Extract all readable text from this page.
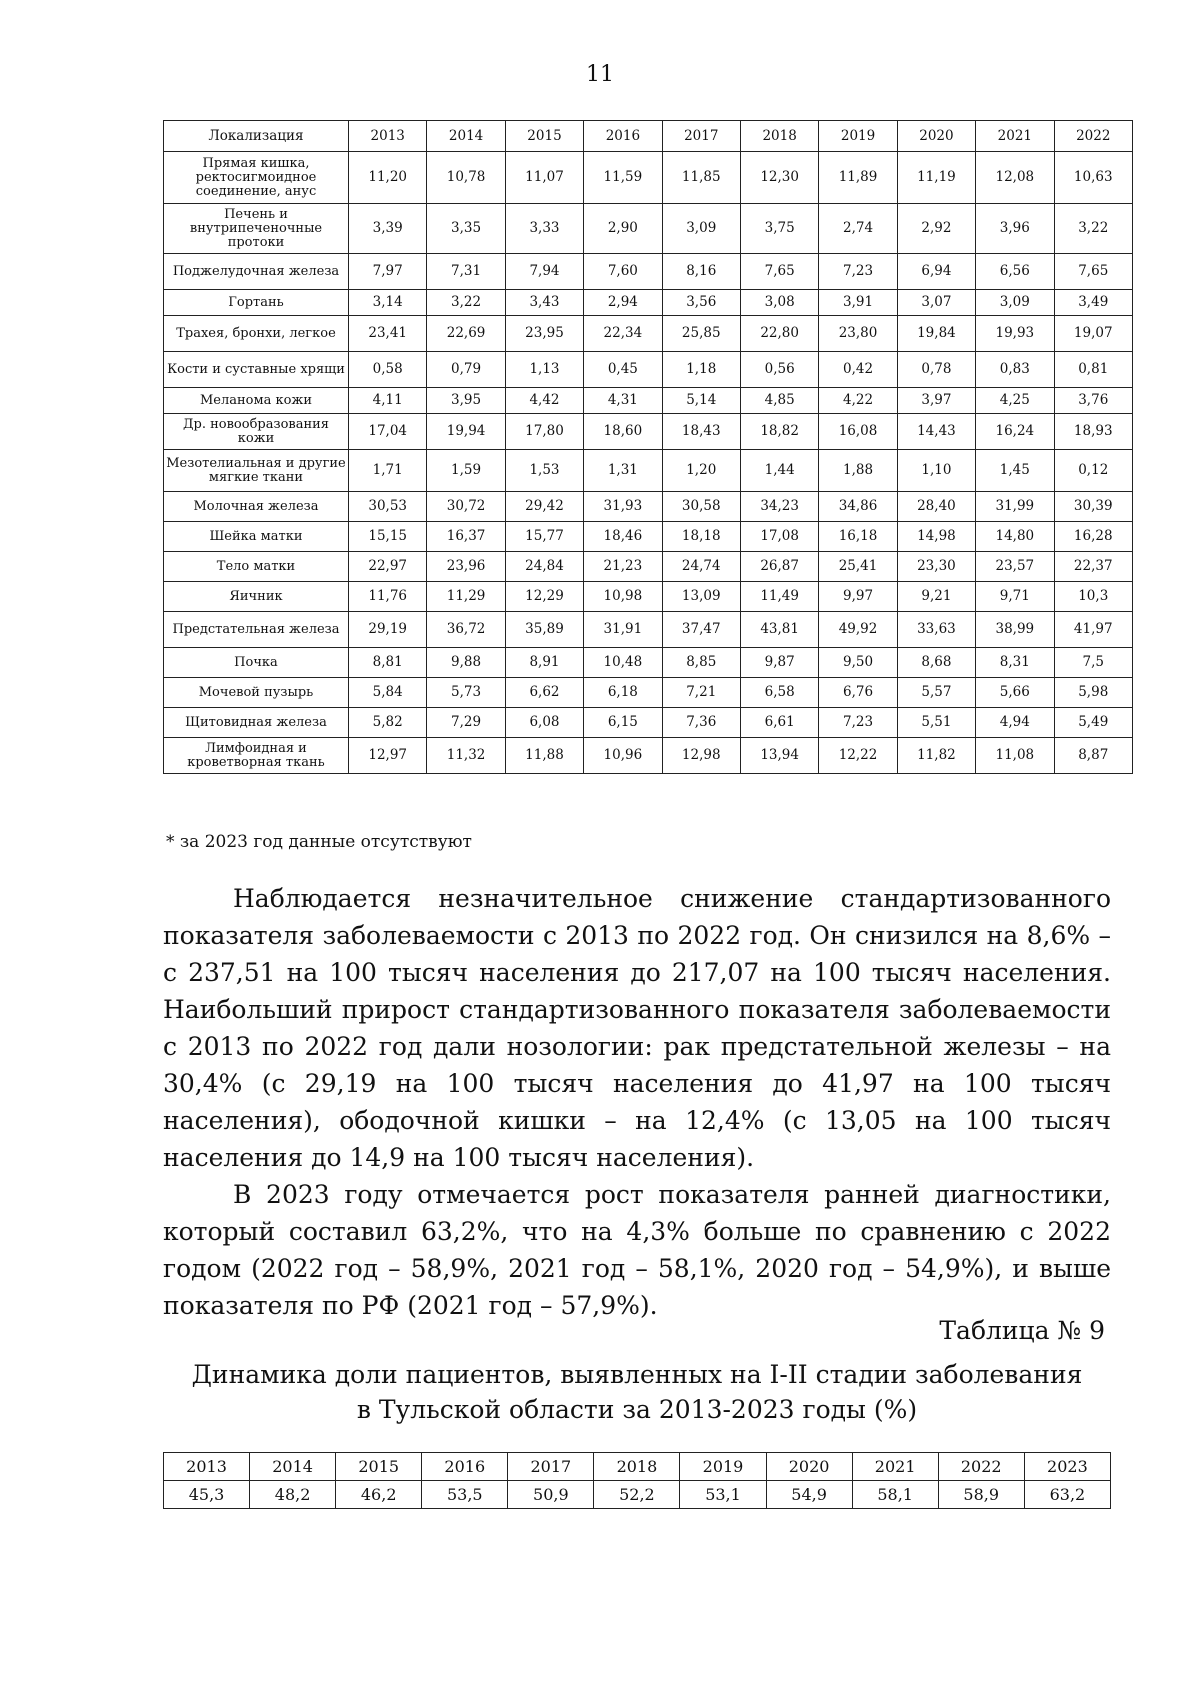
11
Локализация	2013	2014	2015	2016	2017	2018	2019	2020	2021	2022
Прямая кишка, ректосигмоидное соединение, анус	11,20	10,78	11,07	11,59	11,85	12,30	11,89	11,19	12,08	10,63
Печень и внутрипеченочные протоки	3,39	3,35	3,33	2,90	3,09	3,75	2,74	2,92	3,96	3,22
Поджелудочная железа	7,97	7,31	7,94	7,60	8,16	7,65	7,23	6,94	6,56	7,65
Гортань	3,14	3,22	3,43	2,94	3,56	3,08	3,91	3,07	3,09	3,49
Трахея, бронхи, легкое	23,41	22,69	23,95	22,34	25,85	22,80	23,80	19,84	19,93	19,07
Кости и суставные хрящи	0,58	0,79	1,13	0,45	1,18	0,56	0,42	0,78	0,83	0,81
Меланома кожи	4,11	3,95	4,42	4,31	5,14	4,85	4,22	3,97	4,25	3,76
Др. новообразования кожи	17,04	19,94	17,80	18,60	18,43	18,82	16,08	14,43	16,24	18,93
Мезотелиальная и другие мягкие ткани	1,71	1,59	1,53	1,31	1,20	1,44	1,88	1,10	1,45	0,12
Молочная железа	30,53	30,72	29,42	31,93	30,58	34,23	34,86	28,40	31,99	30,39
Шейка матки	15,15	16,37	15,77	18,46	18,18	17,08	16,18	14,98	14,80	16,28
Тело матки	22,97	23,96	24,84	21,23	24,74	26,87	25,41	23,30	23,57	22,37
Яичник	11,76	11,29	12,29	10,98	13,09	11,49	9,97	9,21	9,71	10,3
Предстательная железа	29,19	36,72	35,89	31,91	37,47	43,81	49,92	33,63	38,99	41,97
Почка	8,81	9,88	8,91	10,48	8,85	9,87	9,50	8,68	8,31	7,5
Мочевой пузырь	5,84	5,73	6,62	6,18	7,21	6,58	6,76	5,57	5,66	5,98
Щитовидная железа	5,82	7,29	6,08	6,15	7,36	6,61	7,23	5,51	4,94	5,49
Лимфоидная и кроветворная ткань	12,97	11,32	11,88	10,96	12,98	13,94	12,22	11,82	11,08	8,87
* за 2023 год данные отсутствуют

Наблюдается незначительное снижение стандартизованного показателя заболеваемости с 2013 по 2022 год. Он снизился на 8,6% – с 237,51 на 100 тысяч населения до 217,07 на 100 тысяч населения. Наибольший прирост стандартизованного показателя заболеваемости с 2013 по 2022 год дали нозологии: рак предстательной железы – на 30,4% (с 29,19 на 100 тысяч населения до 41,97 на 100 тысяч населения), ободочной кишки – на 12,4% (с 13,05 на 100 тысяч населения до 14,9 на 100 тысяч населения).

В 2023 году отмечается рост показателя ранней диагностики, который составил 63,2%, что на 4,3% больше по сравнению с 2022 годом (2022 год – 58,9%, 2021 год – 58,1%, 2020 год – 54,9%), и выше показателя по РФ (2021 год – 57,9%).

Таблица № 9
Динамика доли пациентов, выявленных на I-II стадии заболевания
в Тульской области за 2013-2023 годы (%)
2013	2014	2015	2016	2017	2018	2019	2020	2021	2022	2023
45,3	48,2	46,2	53,5	50,9	52,2	53,1	54,9	58,1	58,9	63,2
